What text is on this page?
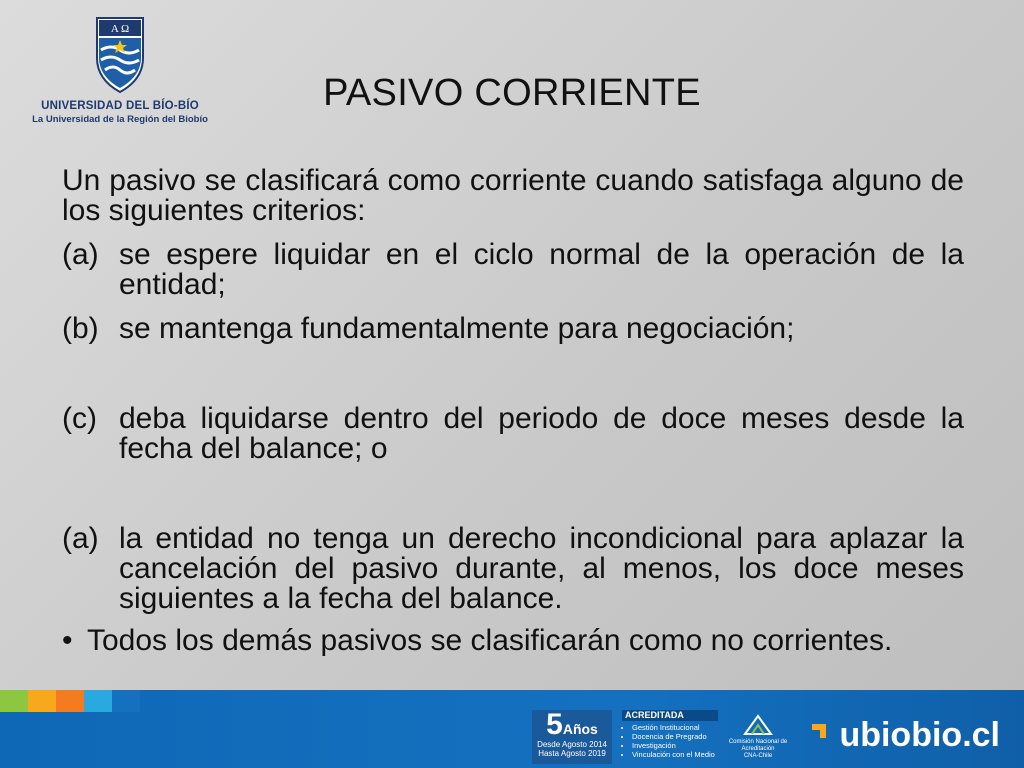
A Ω
UNIVERSIDAD DEL BÍO-BÍO
La Universidad de la Región del Biobío
PASIVO CORRIENTE

Un pasivo se clasificará como corriente cuando satisfaga alguno de los siguientes criterios:

(a) se espere liquidar en el ciclo normal de la operación de la entidad;
(b) se mantenga fundamentalmente para negociación;
(c) deba liquidarse dentro del periodo de doce meses desde la fecha del balance; o
(a) la entidad no tenga un derecho incondicional para aplazar la cancelación del pasivo durante, al menos, los doce meses siguientes a la fecha del balance.
• Todos los demás pasivos se clasificarán como no corrientes.
5Años
Desde Agosto 2014
Hasta Agosto 2019
ACREDITADA
• Gestión Institucional
• Docencia de Pregrado
• Investigación
• Vinculación con el Medio
Comisión Nacional de Acreditación
CNA-Chile
ubiobio.cl
